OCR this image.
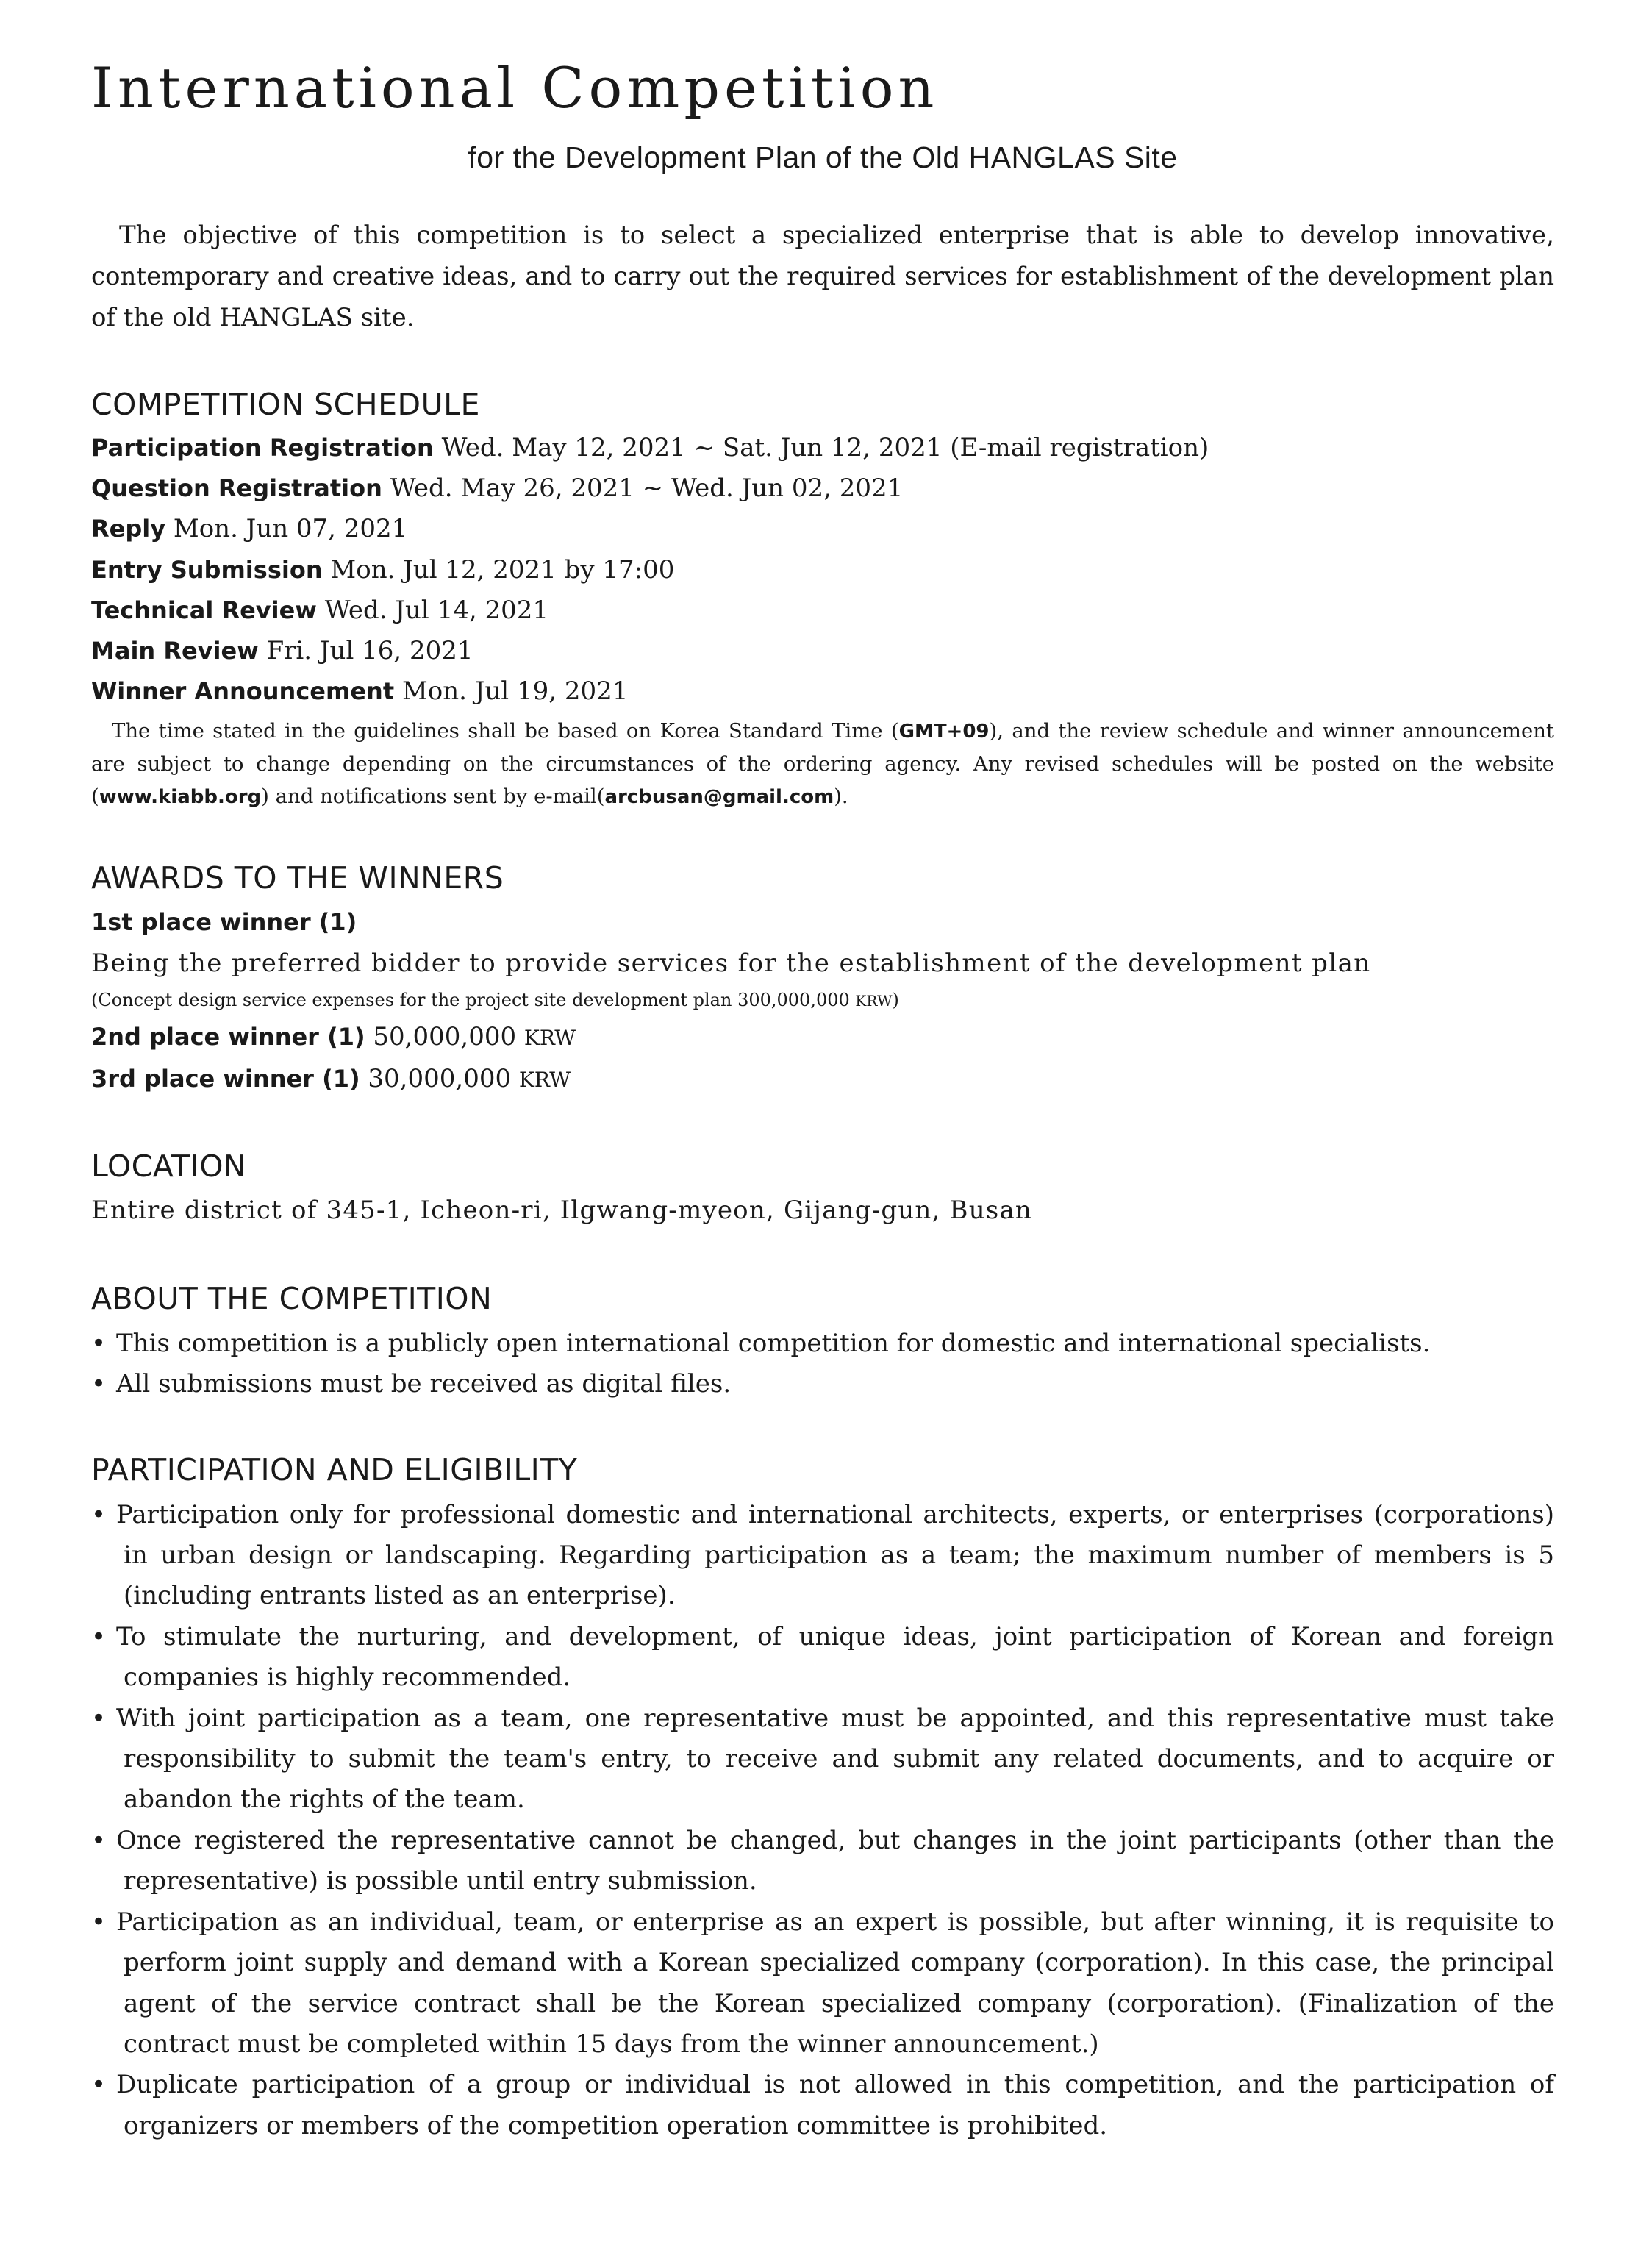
International Competition
for the Development Plan of the Old HANGLAS Site

The objective of this competition is to select a specialized enterprise that is able to develop innovative, contemporary and creative ideas, and to carry out the required services for establishment of the development plan of the old HANGLAS site.

COMPETITION SCHEDULE
Participation Registration Wed. May 12, 2021 ~ Sat. Jun 12, 2021 (E-mail registration)
Question Registration Wed. May 26, 2021 ~ Wed. Jun 02, 2021
Reply Mon. Jun 07, 2021
Entry Submission Mon. Jul 12, 2021 by 17:00
Technical Review Wed. Jul 14, 2021
Main Review Fri. Jul 16, 2021
Winner Announcement Mon. Jul 19, 2021

The time stated in the guidelines shall be based on Korea Standard Time (GMT+09), and the review schedule and winner announcement are subject to change depending on the circumstances of the ordering agency. Any revised schedules will be posted on the website (www.kiabb.org) and notifications sent by e-mail(arcbusan@gmail.com).

AWARDS TO THE WINNERS
1st place winner (1)
Being the preferred bidder to provide services for the establishment of the development plan
(Concept design service expenses for the project site development plan 300,000,000 KRW)
2nd place winner (1) 50,000,000 KRW
3rd place winner (1) 30,000,000 KRW
LOCATION
Entire district of 345-1, Icheon-ri, Ilgwang-myeon, Gijang-gun, Busan
ABOUT THE COMPETITION
• This competition is a publicly open international competition for domestic and international specialists.
• All submissions must be received as digital files.
PARTICIPATION AND ELIGIBILITY
• Participation only for professional domestic and international architects, experts, or enterprises (corporations) in urban design or landscaping. Regarding participation as a team; the maximum number of members is 5 (including entrants listed as an enterprise).
• To stimulate the nurturing, and development, of unique ideas, joint participation of Korean and foreign companies is highly recommended.
• With joint participation as a team, one representative must be appointed, and this representative must take responsibility to submit the team's entry, to receive and submit any related documents, and to acquire or abandon the rights of the team.
• Once registered the representative cannot be changed, but changes in the joint participants (other than the representative) is possible until entry submission.
• Participation as an individual, team, or enterprise as an expert is possible, but after winning, it is requisite to perform joint supply and demand with a Korean specialized company (corporation). In this case, the principal agent of the service contract shall be the Korean specialized company (corporation). (Finalization of the contract must be completed within 15 days from the winner announcement.)
• Duplicate participation of a group or individual is not allowed in this competition, and the participation of organizers or members of the competition operation committee is prohibited.
